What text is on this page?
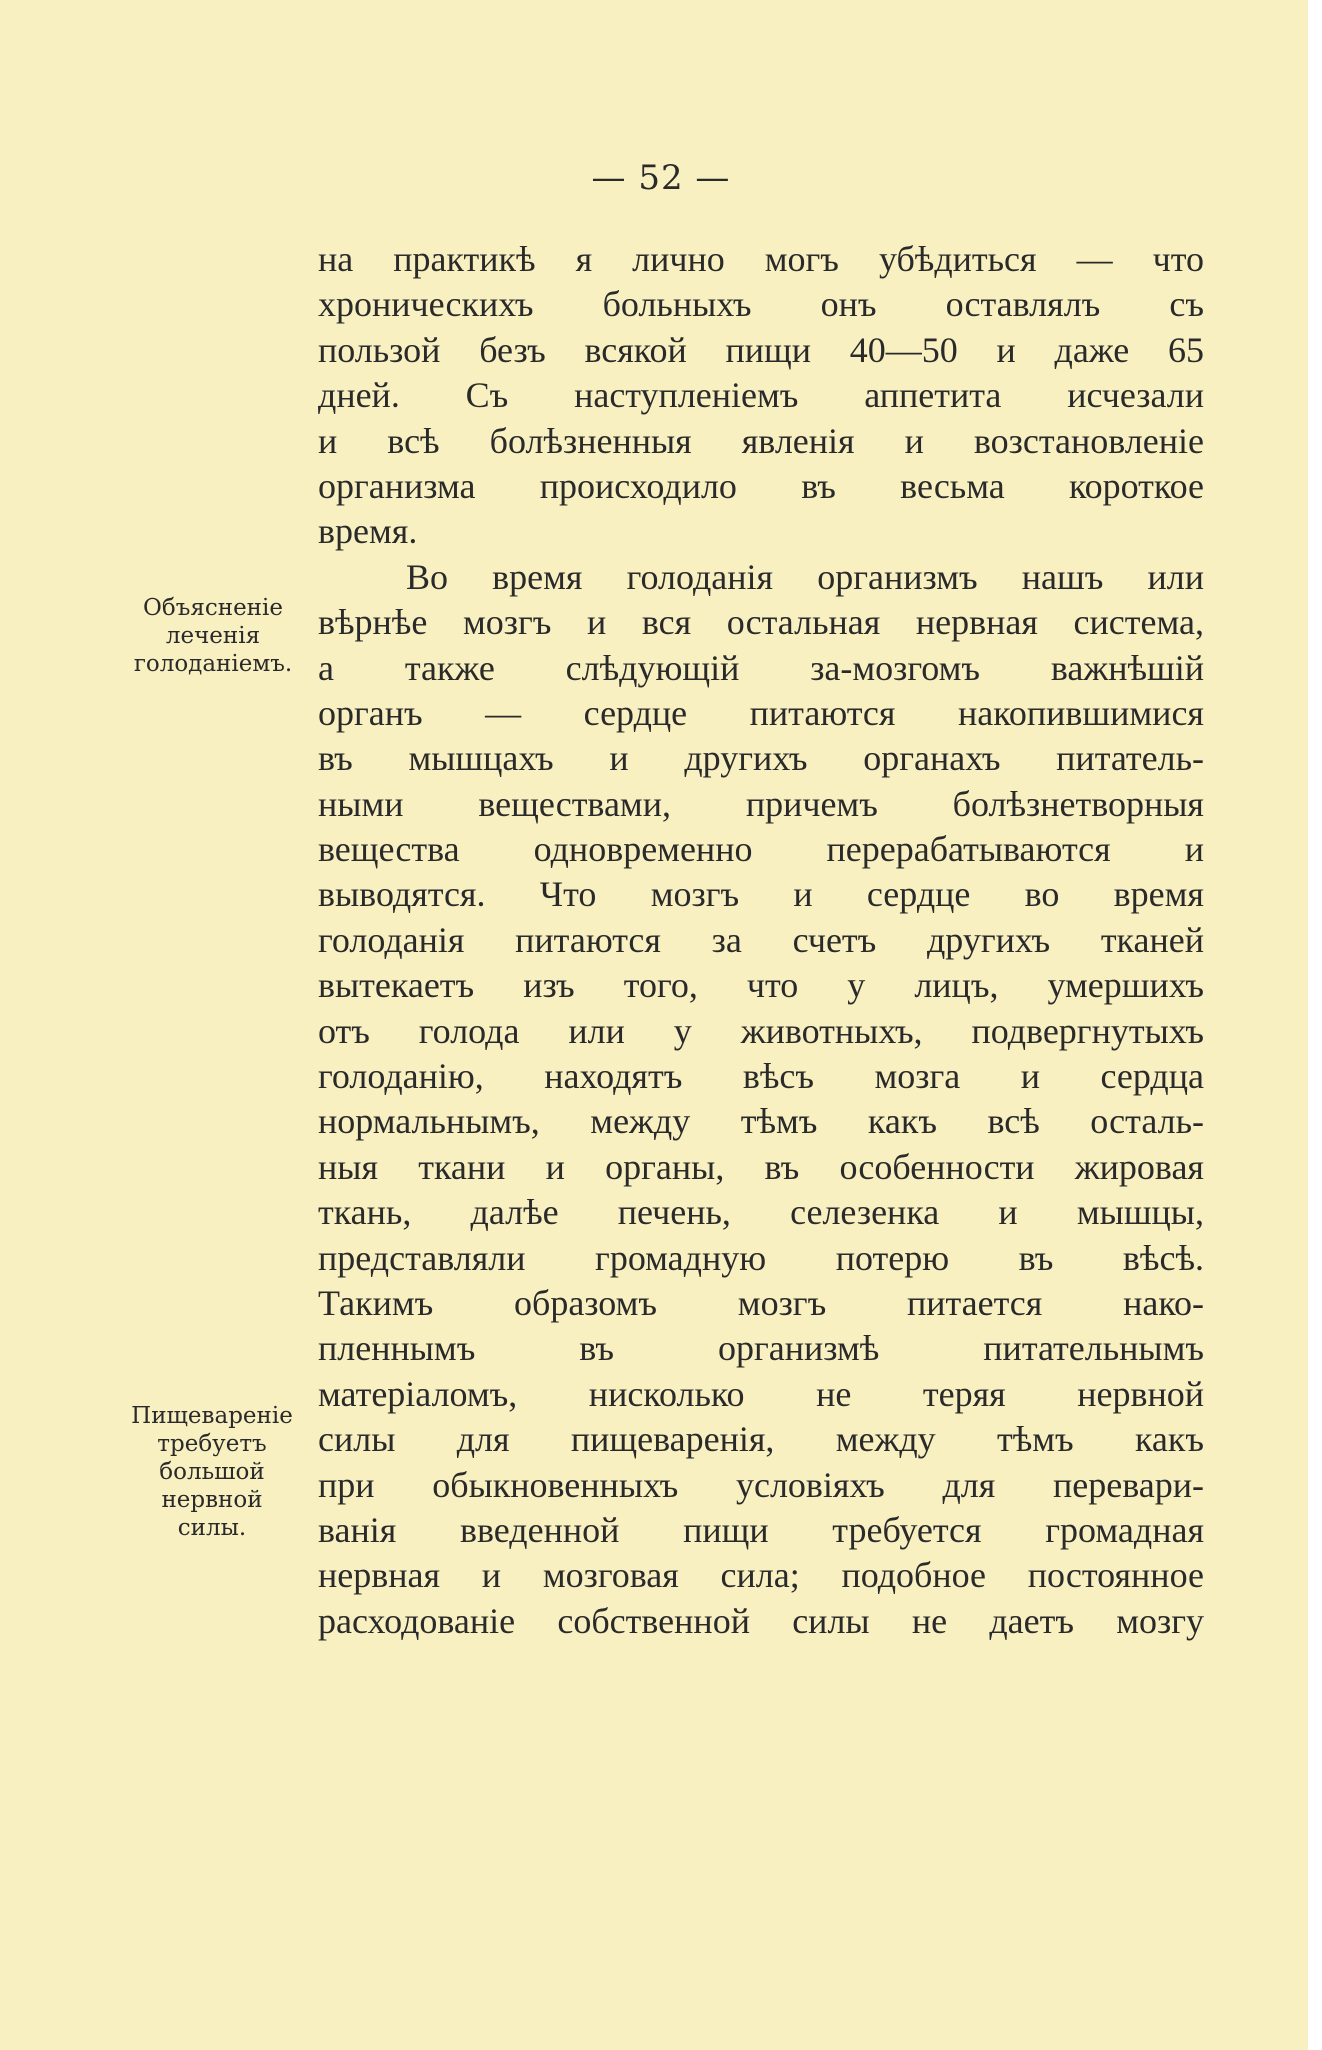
— 52 —
Объясненіе
леченія
голоданіемъ.
Пищевареніе
требуетъ
большой
нервной
силы.
на практикѣ я лично могъ убѣдиться — что
хроническихъ больныхъ онъ оставлялъ съ
пользой безъ всякой пищи 40—50 и даже 65
дней. Съ наступленіемъ аппетита исчезали
и всѣ болѣзненныя явленія и возстановленіе
организма происходило въ весьма короткое
время.
Во время голоданія организмъ нашъ или
вѣрнѣе мозгъ и вся остальная нервная система,
а также слѣдующій за-мозгомъ важнѣшій
органъ — сердце питаются накопившимися
въ мышцахъ и другихъ органахъ питатель-
ными веществами, причемъ болѣзнетворныя
вещества одновременно перерабатываются и
выводятся. Что мозгъ и сердце во время
голоданія питаются за счетъ другихъ тканей
вытекаетъ изъ того, что у лицъ, умершихъ
отъ голода или у животныхъ, подвергнутыхъ
голоданію, находятъ вѣсъ мозга и сердца
нормальнымъ, между тѣмъ какъ всѣ осталь-
ныя ткани и органы, въ особенности жировая
ткань, далѣе печень, селезенка и мышцы,
представляли громадную потерю въ вѣсѣ.
Такимъ образомъ мозгъ питается нако-
пленнымъ въ организмѣ питательнымъ
матеріаломъ, нисколько не теряя нервной
силы для пищеваренія, между тѣмъ какъ
при обыкновенныхъ условіяхъ для перевари-
ванія введенной пищи требуется громадная
нервная и мозговая сила; подобное постоянное
расходованіе собственной силы не даетъ мозгу
